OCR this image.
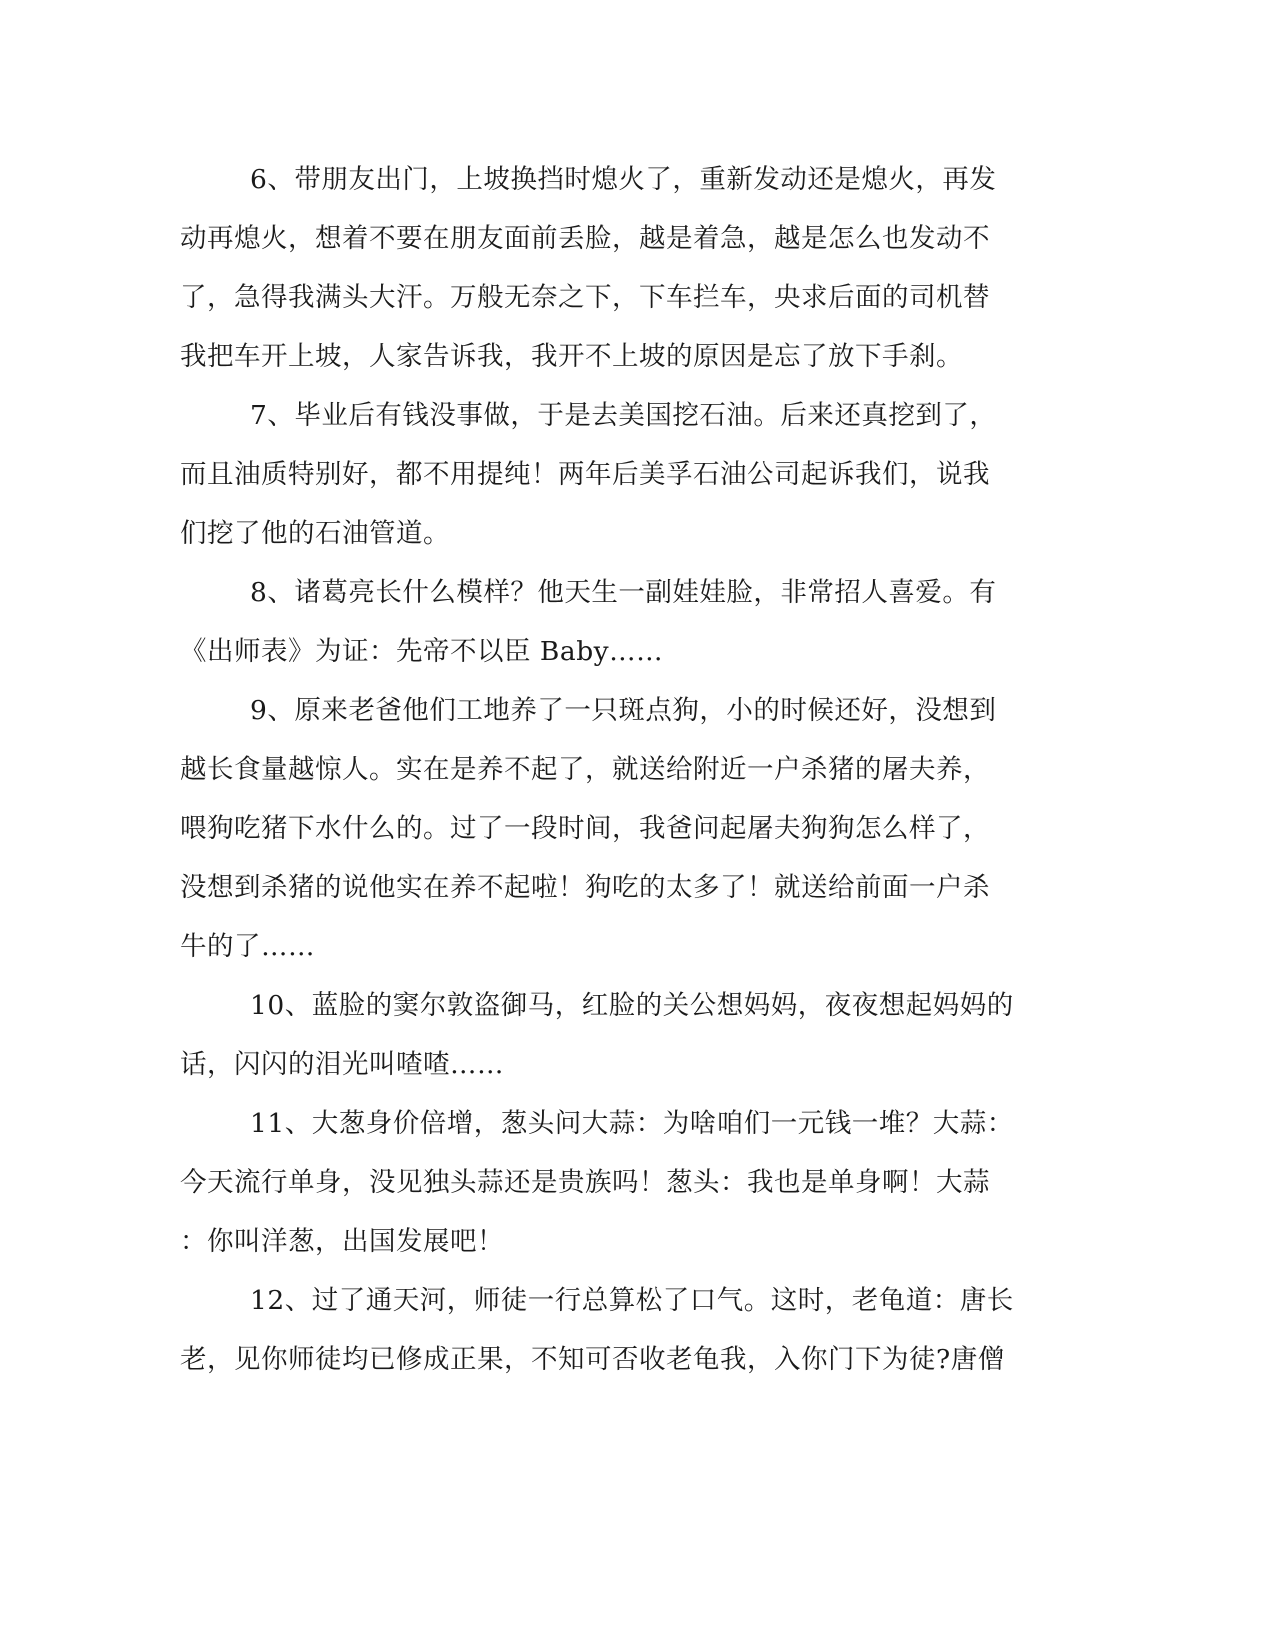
6、带朋友出门，上坡换挡时熄火了，重新发动还是熄火，再发
动再熄火，想着不要在朋友面前丢脸，越是着急，越是怎么也发动不
了，急得我满头大汗。万般无奈之下，下车拦车，央求后面的司机替
我把车开上坡，人家告诉我，我开不上坡的原因是忘了放下手刹。
7、毕业后有钱没事做，于是去美国挖石油。后来还真挖到了，
而且油质特别好，都不用提纯！两年后美孚石油公司起诉我们，说我
们挖了他的石油管道。
8、诸葛亮长什么模样？他天生一副娃娃脸，非常招人喜爱。有
《出师表》为证：先帝不以臣 Baby……
9、原来老爸他们工地养了一只斑点狗，小的时候还好，没想到
越长食量越惊人。实在是养不起了，就送给附近一户杀猪的屠夫养，
喂狗吃猪下水什么的。过了一段时间，我爸问起屠夫狗狗怎么样了，
没想到杀猪的说他实在养不起啦！狗吃的太多了！就送给前面一户杀
牛的了……
10、蓝脸的窦尔敦盗御马，红脸的关公想妈妈，夜夜想起妈妈的
话，闪闪的泪光叫喳喳……
11、大葱身价倍增，葱头问大蒜：为啥咱们一元钱一堆？大蒜：
今天流行单身，没见独头蒜还是贵族吗！葱头：我也是单身啊！大蒜
：你叫洋葱，出国发展吧！
12、过了通天河，师徒一行总算松了口气。这时，老龟道：唐长
老，见你师徒均已修成正果，不知可否收老龟我，入你门下为徒?唐僧
